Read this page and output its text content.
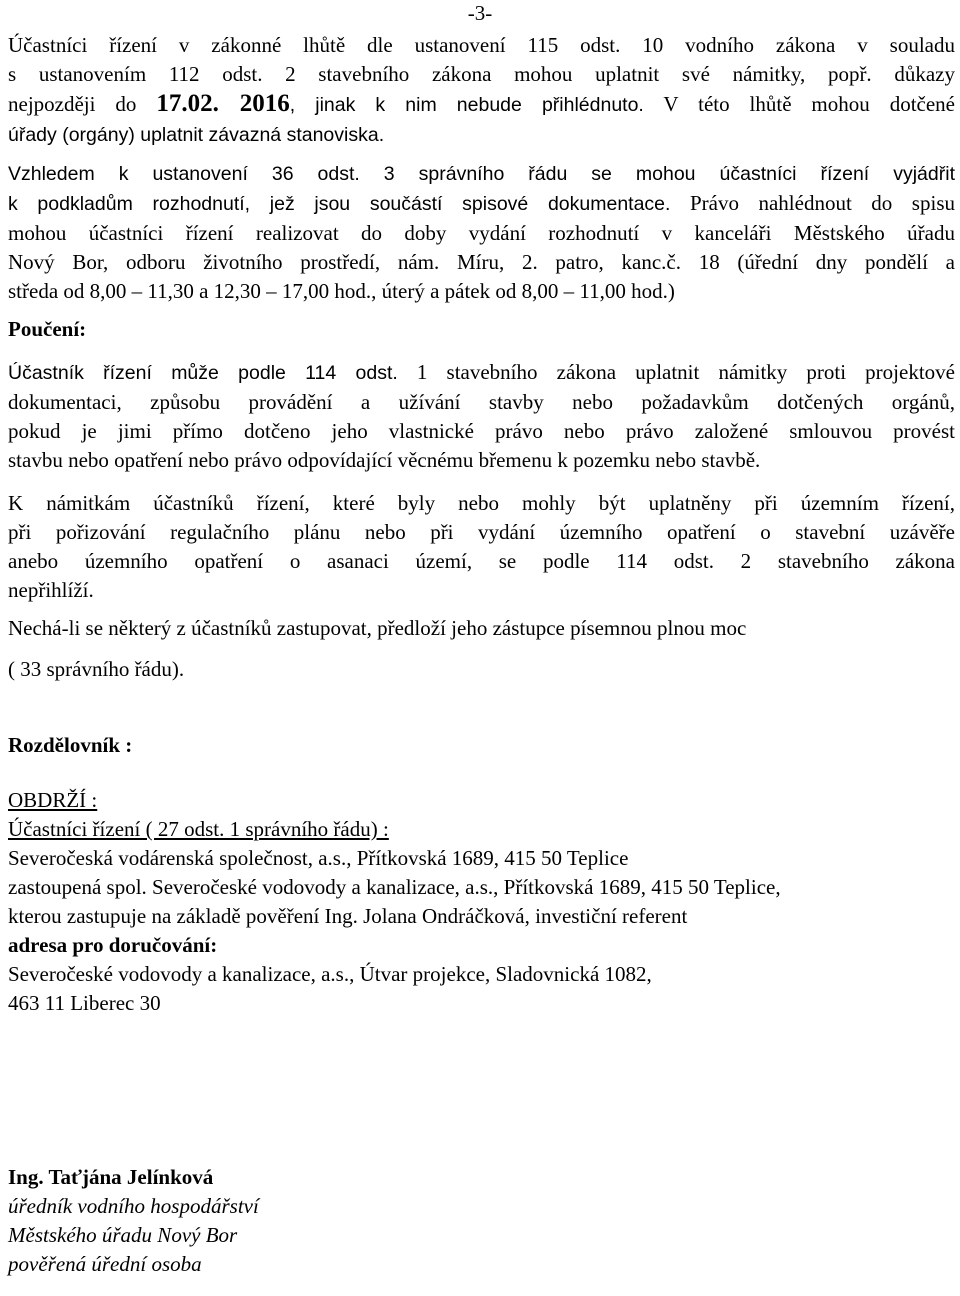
-3-

Účastníci řízení v zákonné lhůtě dle ustanovení 115 odst. 10 vodního zákona v souladu

s ustanovením 112 odst. 2 stavebního zákona mohou uplatnit své námitky, popř. důkazy

nejpozději do 17.02. 2016, jinak k nim nebude přihlédnuto. V této lhůtě mohou dotčené

úřady (orgány) uplatnit závazná stanoviska.

Vzhledem k ustanovení 36 odst. 3 správního řádu se mohou účastníci řízení vyjádřit

k podkladům rozhodnutí, jež jsou součástí spisové dokumentace. Právo nahlédnout do spisu

mohou účastníci řízení realizovat do doby vydání rozhodnutí v kanceláři Městského úřadu

Nový Bor, odboru životního prostředí, nám. Míru, 2. patro, kanc.č. 18 (úřední dny pondělí a

středa od 8,00 – 11,30 a 12,30 – 17,00 hod., úterý a pátek od 8,00 – 11,00 hod.)

Poučení:

Účastník řízení může podle 114 odst. 1 stavebního zákona uplatnit námitky proti projektové

dokumentaci, způsobu provádění a užívání stavby nebo požadavkům dotčených orgánů,

pokud je jimi přímo dotčeno jeho vlastnické právo nebo právo založené smlouvou provést

stavbu nebo opatření nebo právo odpovídající věcnému břemenu k pozemku nebo stavbě.

K námitkám účastníků řízení, které byly nebo mohly být uplatněny při územním řízení,

při pořizování regulačního plánu nebo při vydání územního opatření o stavební uzávěře

anebo územního opatření o asanaci území, se podle 114 odst. 2 stavebního zákona

nepřihlíží.

Nechá-li se některý z účastníků zastupovat, předloží jeho zástupce písemnou plnou moc

( 33 správního řádu).

Rozdělovník :

OBDRŽÍ :

Účastníci řízení ( 27 odst. 1 správního řádu) :

Severočeská vodárenská společnost, a.s., Přítkovská 1689, 415 50 Teplice

zastoupená spol. Severočeské vodovody a kanalizace, a.s., Přítkovská 1689, 415 50 Teplice,

kterou zastupuje na základě pověření Ing. Jolana Ondráčková, investiční referent

adresa pro doručování:

Severočeské vodovody a kanalizace, a.s., Útvar projekce, Sladovnická 1082,

463 11 Liberec 30

Ing. Taťjána Jelínková

úředník vodního hospodářství

Městského úřadu Nový Bor

pověřená úřední osoba
